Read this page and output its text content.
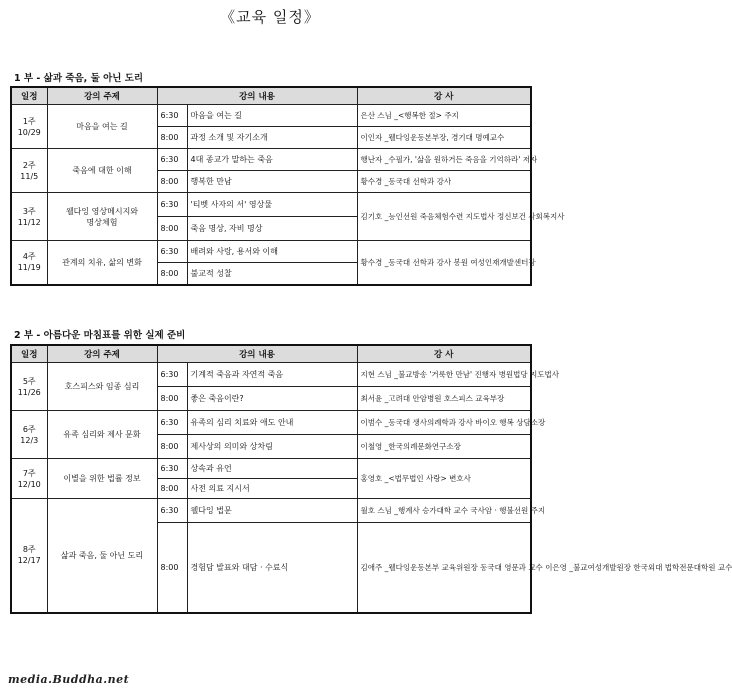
《교육 일정》
1 부 - 삶과 죽음, 둘 아닌 도리
일정	강의 주제	강의 내용		강 사
1주
10/29	마음을 여는 길	6:30	마음을 여는 길	은산 스님 _<행복한 절> 주지
		8:00	과정 소개 및 자기소개	이인자 _웰다잉운동본부장, 경기대 명예교수
2주
11/5	죽음에 대한 이해	6:30	4대 종교가 말하는 죽음	행난자 _수필가, '삶을 원하거든 죽음을 기억하라' 저자
		8:00	행복한 만남	황수경 _동국대 선학과 강사
3주
11/12	웰다잉 영상메시지와
명상체험	6:30	'티벳 사자의 서' 영상물	김기호 _능인선원 죽음체험수련 지도법사 정신보건 사회복지사
		8:00	죽음 명상, 자비 명상	
4주
11/19	관계의 치유, 삶의 변화	6:30	배려와 사랑, 용서와 이해	황수경 _동국대 선학과 강사 봉원 여성인재개발센터장
		8:00	불교적 성찰	
2 부 - 아름다운 마침표를 위한 실제 준비
일정	강의 주제	강의 내용		강 사
5주
11/26	호스피스와 임종 심리	6:30	기계적 죽음과 자연적 죽음	지현 스님 _불교방송 '거룩한 만남' 진행자 병원법당 지도법사
		8:00	좋은 죽음이란?	최서윤 _고려대 안암병원 호스피스 교육부장
6주
12/3	유족 심리와 제사 문화	6:30	유족의 심리 치료와 애도 안내	이범수 _동국대 생사의례학과 강사 바이오 행복 상담소장
		8:00	제사상의 의미와 상차림	이철영 _한국의례문화연구소장
7주
12/10	이별을 위한 법률 정보	6:30	상속과 유언	홍영호 _<법무법인 사랑> 변호사
		8:00	사전 의료 지시서	
8주
12/17	삶과 죽음, 둘 아닌 도리	6:30	웰다잉 법문	월호 스님 _행계사 승가대학 교수 국사암 · 행불선원 주지
		8:00	경험담 발표와 대담 · 수료식	김애주 _웰다잉운동본부 교육위원장 동국대 영문과 교수 이은영 _불교여성개발원장 한국외대 법학전문대학원 교수
media.Buddha.net
